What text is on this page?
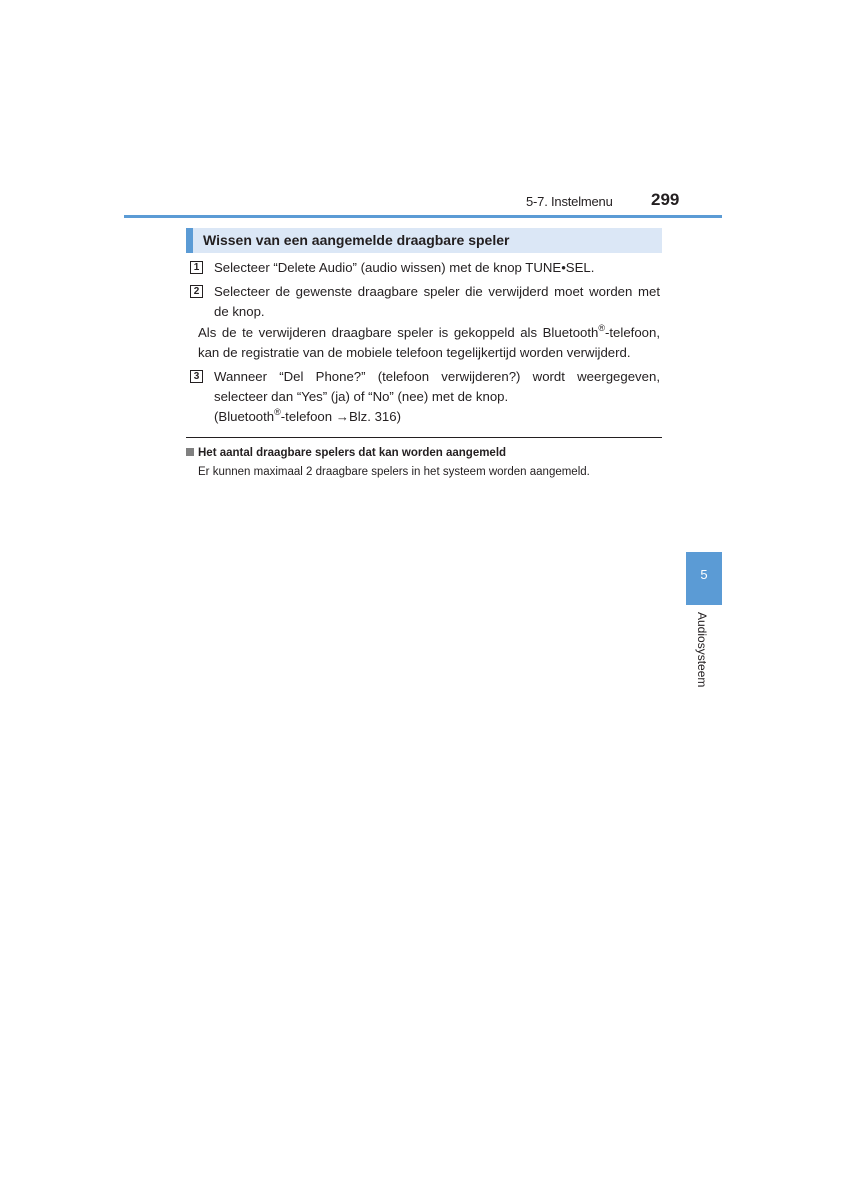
5-7. Instelmenu 299
Wissen van een aangemelde draagbare speler
1 Selecteer “Delete Audio” (audio wissen) met de knop TUNE•SEL.
2 Selecteer de gewenste draagbare speler die verwijderd moet worden met de knop.
Als de te verwijderen draagbare speler is gekoppeld als Bluetooth®-telefoon, kan de registratie van de mobiele telefoon tegelijkertijd worden verwijderd.
3 Wanneer “Del Phone?” (telefoon verwijderen?) wordt weergegeven, selecteer dan “Yes” (ja) of “No” (nee) met de knop.
(Bluetooth®-telefoon →Blz. 316)
Het aantal draagbare spelers dat kan worden aangemeld
Er kunnen maximaal 2 draagbare spelers in het systeem worden aangemeld.
5
Audiosysteem
